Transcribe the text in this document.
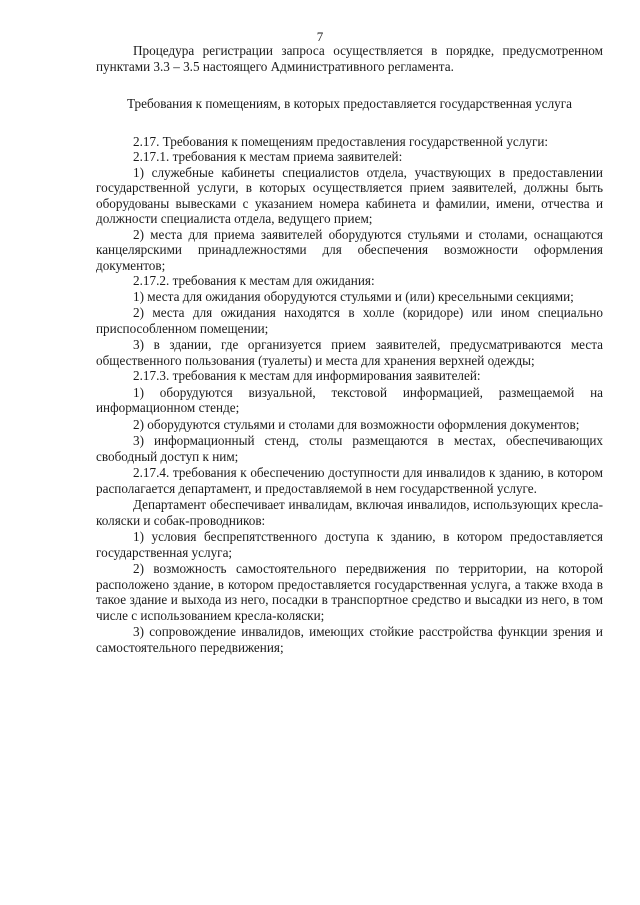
7

Процедура регистрации запроса осуществляется в порядке, предусмотренном пунктами 3.3 – 3.5 настоящего Административного регламента.

Требования к помещениям, в которых предоставляется государственная услуга

2.17. Требования к помещениям предоставления государственной услуги:

2.17.1. требования к местам приема заявителей:

1) служебные кабинеты специалистов отдела, участвующих в предоставлении государственной услуги, в которых осуществляется прием заявителей, должны быть оборудованы вывесками с указанием номера кабинета и фамилии, имени, отчества и должности специалиста отдела, ведущего прием;

2) места для приема заявителей оборудуются стульями и столами, оснащаются канцелярскими принадлежностями для обеспечения возможности оформления документов;

2.17.2. требования к местам для ожидания:

1) места для ожидания оборудуются стульями и (или) кресельными секциями;

2) места для ожидания находятся в холле (коридоре) или ином специально приспособленном помещении;

3) в здании, где организуется прием заявителей, предусматриваются места общественного пользования (туалеты) и места для хранения верхней одежды;

2.17.3. требования к местам для информирования заявителей:

1) оборудуются визуальной, текстовой информацией, размещаемой на информационном стенде;

2) оборудуются стульями и столами для возможности оформления документов;

3) информационный стенд, столы размещаются в местах, обеспечивающих свободный доступ к ним;

2.17.4. требования к обеспечению доступности для инвалидов к зданию, в котором располагается департамент, и предоставляемой в нем государственной услуге.

Департамент обеспечивает инвалидам, включая инвалидов, использующих кресла-коляски и собак-проводников:

1) условия беспрепятственного доступа к зданию, в котором предоставляется государственная услуга;

2) возможность самостоятельного передвижения по территории, на которой расположено здание, в котором предоставляется государственная услуга, а также входа в такое здание и выхода из него, посадки в транспортное средство и высадки из него, в том числе с использованием кресла-коляски;

3) сопровождение инвалидов, имеющих стойкие расстройства функции зрения и самостоятельного передвижения;
